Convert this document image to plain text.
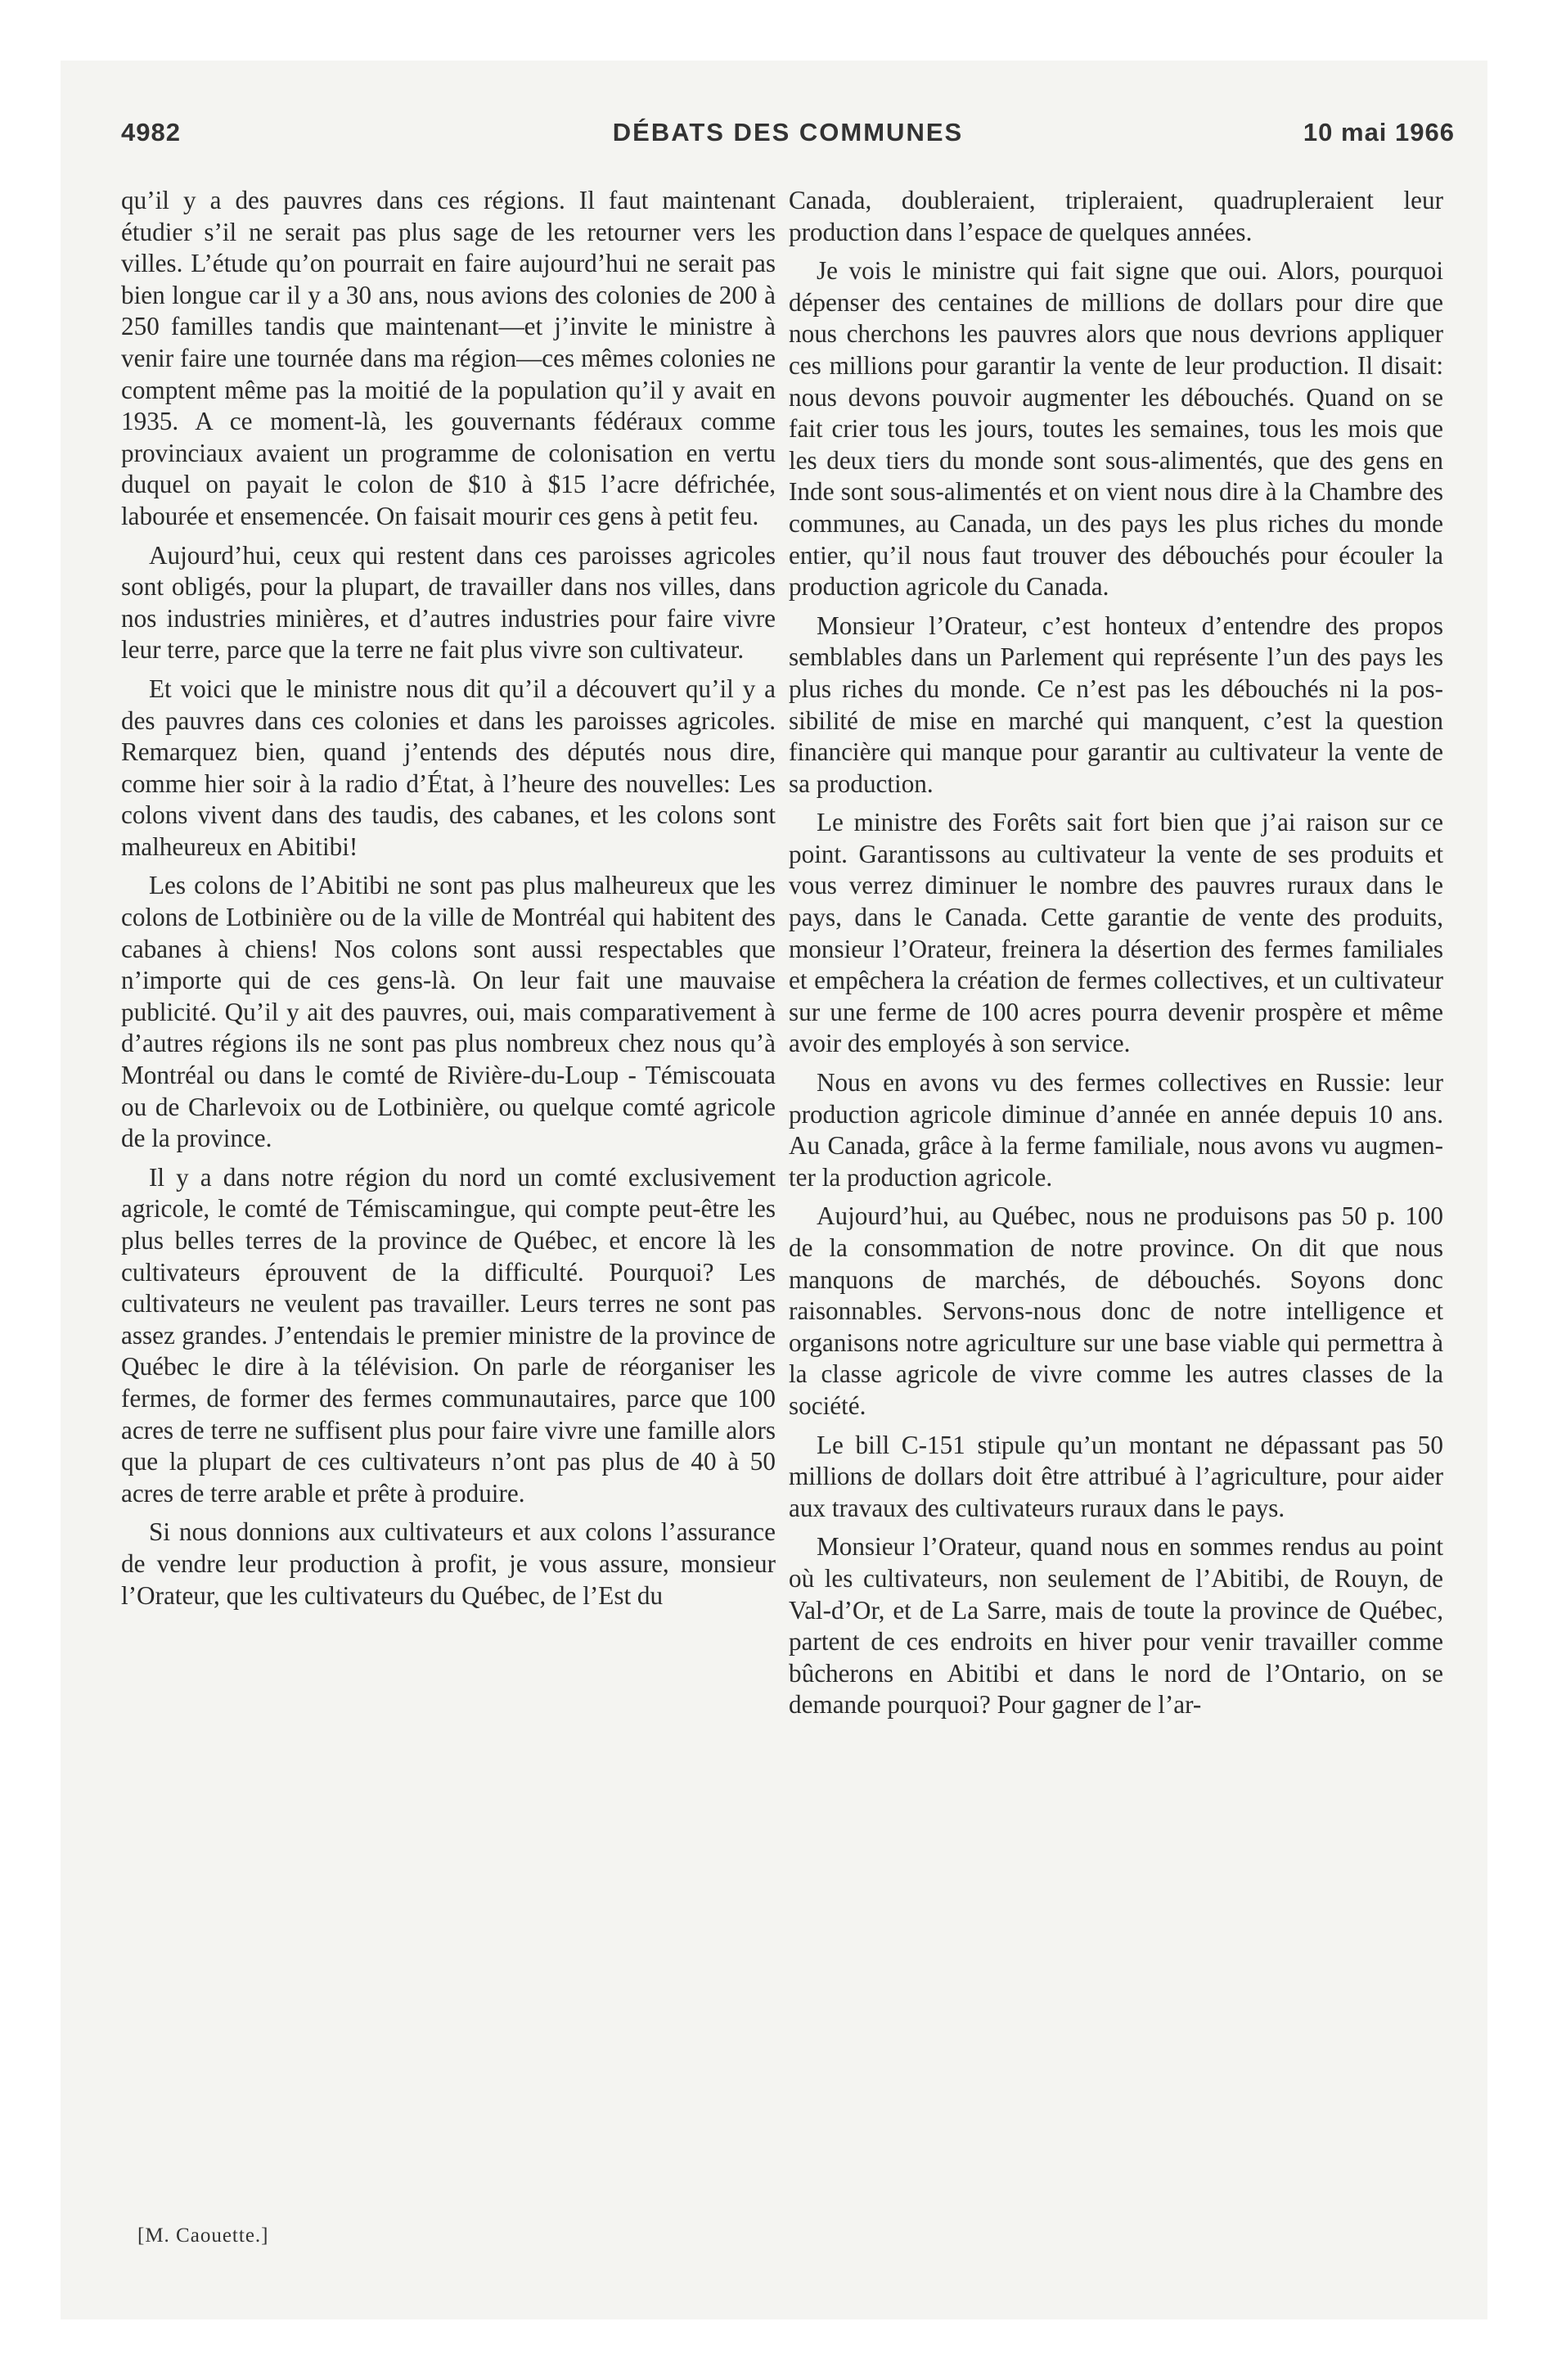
4982	DÉBATS DES COMMUNES	10 mai 1966

qu’il y a des pauvres dans ces régions. Il faut maintenant étudier s’il ne serait pas plus sage de les retourner vers les villes. L’étude qu’on pourrait en faire aujourd’hui ne serait pas bien longue car il y a 30 ans, nous avions des colonies de 200 à 250 familles tandis que maintenant—et j’invite le ministre à venir faire une tournée dans ma région—ces mêmes colonies ne comptent même pas la moitié de la population qu’il y avait en 1935. A ce moment-là, les gouvernants fédéraux comme provinciaux avaient un programme de colonisation en vertu duquel on payait le colon de $10 à $15 l’acre défrichée, labourée et ensemencée. On faisait mourir ces gens à petit feu.

Aujourd’hui, ceux qui restent dans ces paroisses agricoles sont obligés, pour la plupart, de travailler dans nos villes, dans nos industries minières, et d’autres industries pour faire vivre leur terre, parce que la terre ne fait plus vivre son cultivateur.

Et voici que le ministre nous dit qu’il a découvert qu’il y a des pauvres dans ces colonies et dans les paroisses agricoles. Remarquez bien, quand j’entends des députés nous dire, comme hier soir à la radio d’État, à l’heure des nouvelles: Les colons vivent dans des taudis, des cabanes, et les colons sont malheureux en Abitibi!

Les colons de l’Abitibi ne sont pas plus malheureux que les colons de Lotbinière ou de la ville de Montréal qui habitent des cabanes à chiens! Nos colons sont aussi respectables que n’importe qui de ces gens-là. On leur fait une mauvaise publicité. Qu’il y ait des pauvres, oui, mais comparativement à d’autres régions ils ne sont pas plus nombreux chez nous qu’à Montréal ou dans le comté de Rivière-du-Loup - Témiscouata ou de Charlevoix ou de Lotbinière, ou quelque comté agricole de la province.

Il y a dans notre région du nord un comté exclusivement agricole, le comté de Témiscamingue, qui compte peut-être les plus belles terres de la province de Québec, et encore là les cultivateurs éprouvent de la difficulté. Pourquoi? Les cultivateurs ne veulent pas travailler. Leurs terres ne sont pas assez grandes. J’entendais le premier ministre de la province de Québec le dire à la télévision. On parle de réorganiser les fermes, de former des fermes communautaires, parce que 100 acres de terre ne suffisent plus pour faire vivre une famille alors que la plupart de ces cultivateurs n’ont pas plus de 40 à 50 acres de terre arable et prête à produire.

Si nous donnions aux cultivateurs et aux colons l’assurance de vendre leur production à profit, je vous assure, monsieur l’Orateur, que les cultivateurs du Québec, de l’Est du

Canada, doubleraient, tripleraient, quadrupleraient leur production dans l’espace de quelques années.

Je vois le ministre qui fait signe que oui. Alors, pourquoi dépenser des centaines de millions de dollars pour dire que nous cherchons les pauvres alors que nous devrions appliquer ces millions pour garantir la vente de leur production. Il disait: nous devons pouvoir augmenter les débouchés. Quand on se fait crier tous les jours, toutes les semaines, tous les mois que les deux tiers du monde sont sous-alimentés, que des gens en Inde sont sous-alimentés et on vient nous dire à la Chambre des communes, au Canada, un des pays les plus riches du monde entier, qu’il nous faut trouver des débouchés pour écouler la production agricole du Canada.

Monsieur l’Orateur, c’est honteux d’entendre des propos semblables dans un Parlement qui représente l’un des pays les plus riches du monde. Ce n’est pas les débouchés ni la possibilité de mise en marché qui manquent, c’est la question financière qui manque pour garantir au cultivateur la vente de sa production.

Le ministre des Forêts sait fort bien que j’ai raison sur ce point. Garantissons au cultivateur la vente de ses produits et vous verrez diminuer le nombre des pauvres ruraux dans le pays, dans le Canada. Cette garantie de vente des produits, monsieur l’Orateur, freinera la désertion des fermes familiales et empêchera la création de fermes collectives, et un cultivateur sur une ferme de 100 acres pourra devenir prospère et même avoir des employés à son service.

Nous en avons vu des fermes collectives en Russie: leur production agricole diminue d’année en année depuis 10 ans. Au Canada, grâce à la ferme familiale, nous avons vu augmenter la production agricole.

Aujourd’hui, au Québec, nous ne produisons pas 50 p. 100 de la consommation de notre province. On dit que nous manquons de marchés, de débouchés. Soyons donc raisonnables. Servons-nous donc de notre intelligence et organisons notre agriculture sur une base viable qui permettra à la classe agricole de vivre comme les autres classes de la société.

Le bill C-151 stipule qu’un montant ne dépassant pas 50 millions de dollars doit être attribué à l’agriculture, pour aider aux travaux des cultivateurs ruraux dans le pays.

Monsieur l’Orateur, quand nous en sommes rendus au point où les cultivateurs, non seulement de l’Abitibi, de Rouyn, de Val-d’Or, et de La Sarre, mais de toute la province de Québec, partent de ces endroits en hiver pour venir travailler comme bûcherons en Abitibi et dans le nord de l’Ontario, on se demande pourquoi? Pour gagner de l’ar-

[M. Caouette.]
